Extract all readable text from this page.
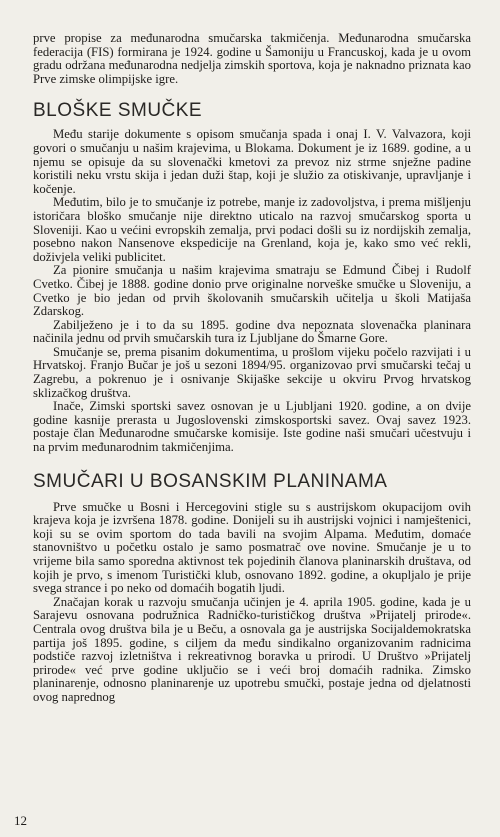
prve propise za međunarodna smučarska takmičenja. Međunarodna smučarska federacija (FIS) formirana je 1924. godine u Šamoniju u Francuskoj, kada je u ovom gradu održana međunarodna nedjelja zimskih sportova, koja je naknadno priznata kao Prve zimske olimpijske igre.

BLOŠKE SMUČKE

Među starije dokumente s opisom smučanja spada i onaj I. V. Valvazora, koji govori o smučanju u našim krajevima, u Blokama. Dokument je iz 1689. godine, a u njemu se opisuje da su slovenački kmetovi za prevoz niz strme snježne padine koristili neku vrstu skija i jedan duži štap, koji je služio za otiskivanje, upravljanje i kočenje.

Međutim, bilo je to smučanje iz potrebe, manje iz zadovoljstva, i prema mišljenju istoričara bloško smučanje nije direktno uticalo na razvoj smučarskog sporta u Sloveniji. Kao u većini evropskih zemalja, prvi podaci došli su iz nordijskih zemalja, posebno nakon Nansenove ekspedicije na Grenland, koja je, kako smo već rekli, doživjela veliki publicitet.

Za pionire smučanja u našim krajevima smatraju se Edmund Čibej i Rudolf Cvetko. Čibej je 1888. godine donio prve originalne norveške smučke u Sloveniju, a Cvetko je bio jedan od prvih školovanih smučarskih učitelja u školi Matijaša Zdarskog.

Zabilježeno je i to da su 1895. godine dva nepoznata slovenačka planinara načinila jednu od prvih smučarskih tura iz Ljubljane do Šmarne Gore.

Smučanje se, prema pisanim dokumentima, u prošlom vijeku počelo razvijati i u Hrvatskoj. Franjo Bučar je još u sezoni 1894/95. organizovao prvi smučarski tečaj u Zagrebu, a pokrenuo je i osnivanje Skijaške sekcije u okviru Prvog hrvatskog sklizačkog društva.

Inače, Zimski sportski savez osnovan je u Ljubljani 1920. godine, a on dvije godine kasnije prerasta u Jugoslovenski zimskosportski savez. Ovaj savez 1923. postaje član Međunarodne smučarske komisije. Iste godine naši smučari učestvuju i na prvim međunarodnim takmičenjima.

SMUČARI U BOSANSKIM PLANINAMA

Prve smučke u Bosni i Hercegovini stigle su s austrijskom okupacijom ovih krajeva koja je izvršena 1878. godine. Donijeli su ih austrijski vojnici i namještenici, koji su se ovim sportom do tada bavili na svojim Alpama. Međutim, domaće stanovništvo u početku ostalo je samo posmatrač ove novine. Smučanje je u to vrijeme bila samo sporedna aktivnost tek pojedinih članova planinarskih društava, od kojih je prvo, s imenom Turistički klub, osnovano 1892. godine, a okupljalo je prije svega strance i po neko od domaćih bogatih ljudi.

Značajan korak u razvoju smučanja učinjen je 4. aprila 1905. godine, kada je u Sarajevu osnovana podružnica Radničko-turističkog društva »Prijatelj prirode«. Centrala ovog društva bila je u Beču, a osnovala ga je austrijska Socijaldemokratska partija još 1895. godine, s ciljem da među sindikalno organizovanim radnicima podstiče razvoj izletništva i rekreativnog boravka u prirodi. U Društvo »Prijatelj prirode« već prve godine uključio se i veći broj domaćih radnika. Zimsko planinarenje, odnosno planinarenje uz upotrebu smučki, postaje jedna od djelatnosti ovog naprednog

12
